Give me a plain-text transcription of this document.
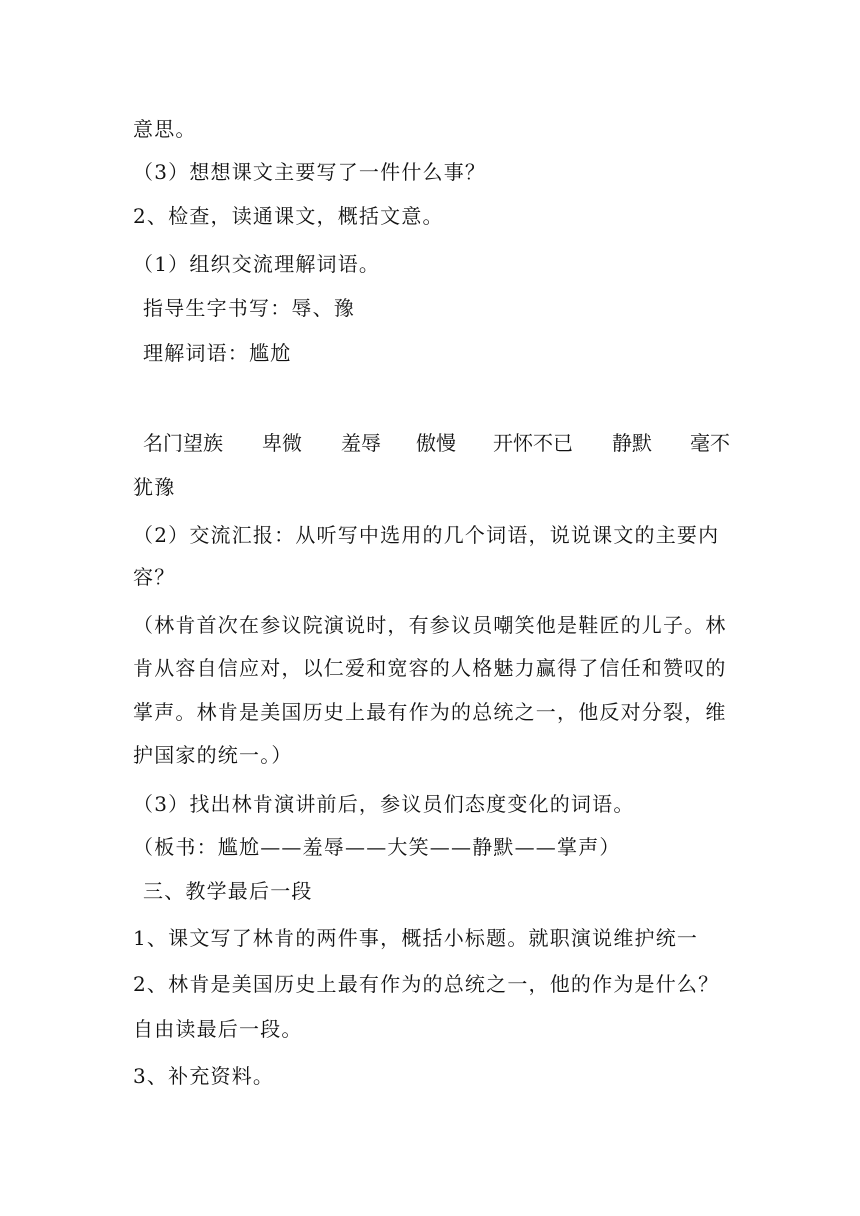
意思。
（3）想想课文主要写了一件什么事？
2、检查，读通课文，概括文意。
（1）组织交流理解词语。
指导生字书写：辱、豫
理解词语：尴尬
名门望族 卑微 羞辱 傲慢 开怀不已 静默 毫不
犹豫
（2）交流汇报：从听写中选用的几个词语，说说课文的主要内
容？
（林肯首次在参议院演说时，有参议员嘲笑他是鞋匠的儿子。林
肯从容自信应对，以仁爱和宽容的人格魅力赢得了信任和赞叹的
掌声。林肯是美国历史上最有作为的总统之一，他反对分裂，维
护国家的统一。）
（3）找出林肯演讲前后，参议员们态度变化的词语。
（板书：尴尬——羞辱——大笑——静默——掌声）
三、教学最后一段
1、课文写了林肯的两件事，概括小标题。就职演说维护统一
2、林肯是美国历史上最有作为的总统之一，他的作为是什么？
自由读最后一段。
3、补充资料。
